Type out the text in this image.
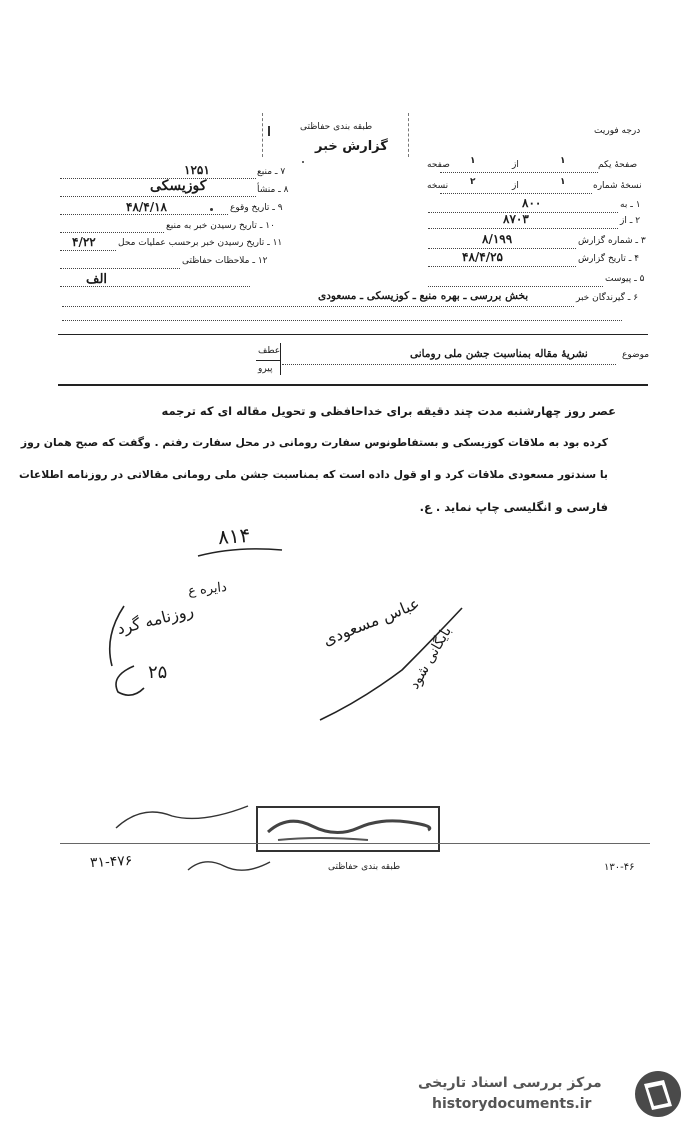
طبقه بندی حفاظتی
گزارش خبر
درجه فوریت
صفحهٔ یکم
۱
از
۱
صفحه
نسخهٔ شماره
۱
از
۲
نسخه
۱ ـ به
۸۰۰
۲ ـ از
۸۷۰۳
۳ ـ شماره گزارش
۸/۱۹۹
۴ ـ تاریخ گزارش
۴۸/۴/۲۵
۵ ـ پیوست
۶ ـ گیرندگان خبر
بخش بررسی ـ بهره منبع ـ کوزیسکی ـ مسعودی
۷ ـ منبع
۱۲۵۱
۸ ـ منشأ
کوزیسکی
۹ ـ تاریخ وقوع
۴۸/۴/۱۸
۱۰ ـ تاریخ رسیدن خبر به منبع
۱۱ ـ تاریخ رسیدن خبر برحسب عملیات محل
۴/۲۲
۱۲ ـ ملاحظات حفاظتی
الف
موضوع
نشریهٔ مقاله بمناسبت جشن ملی رومانی
عطف
پیرو
عصر روز چهارشنبه مدت چند دقیقه برای خداحافظی و تحویل مقاله ای که ترجمه
کرده بود به ملاقات کوزیسکی و بستفاطونوس سفارت رومانی در محل سفارت رفتم . وگفت که صبح همان روز
با سندتور مسعودی ملاقات کرد و او قول داده است که بمناسبت جشن ملی رومانی مقالاتی در روزنامه اطلاعات
فارسی و انگلیسی چاپ نماید . ع.
۸۱۴
دایره ع
روزنامه گرد
۲۵
عباس مسعودی
بایگانی شود
طبقه بندی حفاظتی
۳۱-۴۷۶	۱۳۰-۴۶
مرکز بررسی اسناد تاریخی
historydocuments.ir
